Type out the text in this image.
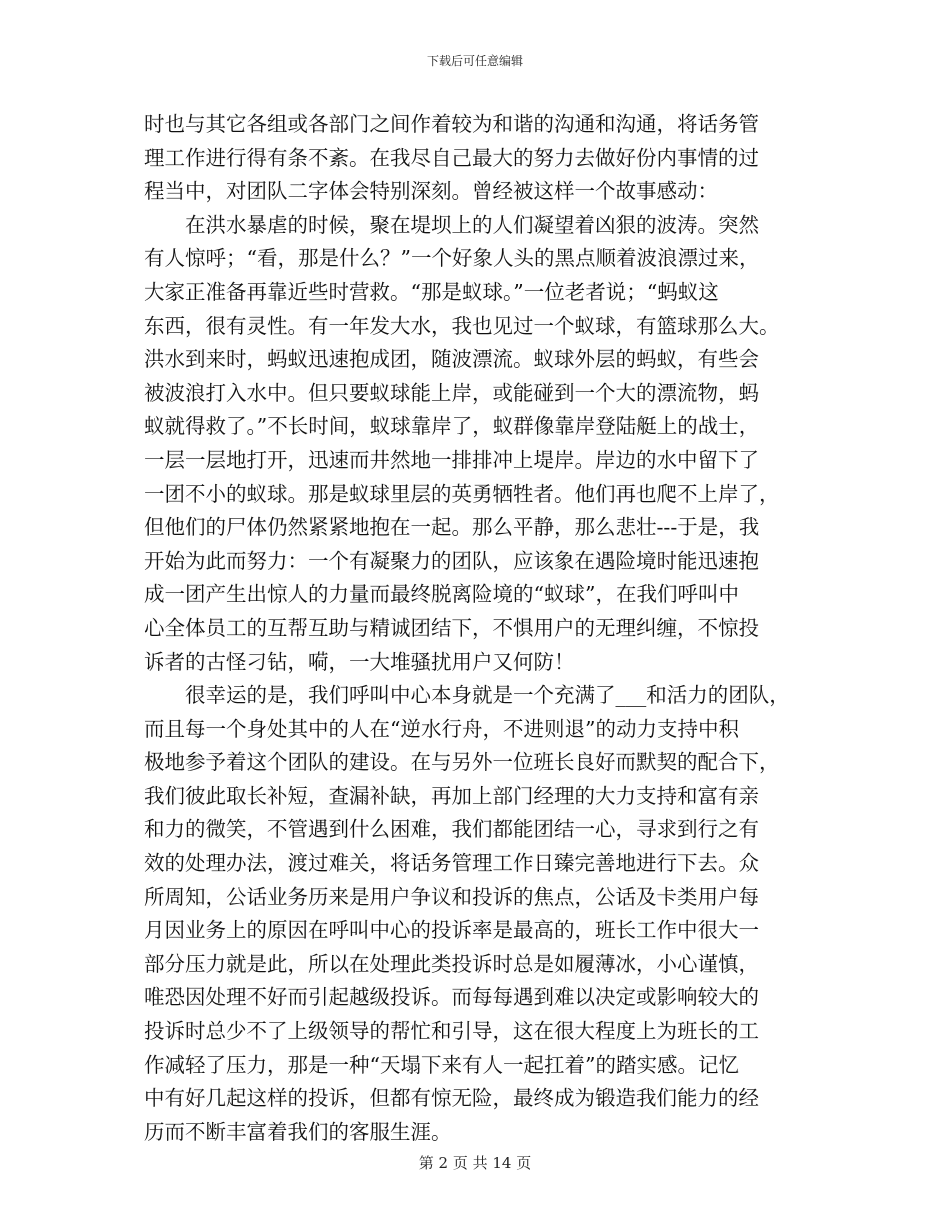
下载后可任意编辑
时也与其它各组或各部门之间作着较为和谐的沟通和沟通，将话务管
理工作进行得有条不紊。在我尽自己最大的努力去做好份内事情的过
程当中，对团队二字体会特别深刻。曾经被这样一个故事感动：
　　在洪水暴虐的时候，聚在堤坝上的人们凝望着凶狠的波涛。突然
有人惊呼；“看，那是什么？”一个好象人头的黑点顺着波浪漂过来，
大家正准备再靠近些时营救。“那是蚁球。”一位老者说；“蚂蚁这
东西，很有灵性。有一年发大水，我也见过一个蚁球，有篮球那么大。
洪水到来时，蚂蚁迅速抱成团，随波漂流。蚁球外层的蚂蚁，有些会
被波浪打入水中。但只要蚁球能上岸，或能碰到一个大的漂流物，蚂
蚁就得救了。”不长时间，蚁球靠岸了，蚁群像靠岸登陆艇上的战士，
一层一层地打开，迅速而井然地一排排冲上堤岸。岸边的水中留下了
一团不小的蚁球。那是蚁球里层的英勇牺牲者。他们再也爬不上岸了，
但他们的尸体仍然紧紧地抱在一起。那么平静，那么悲壮---于是，我
开始为此而努力：一个有凝聚力的团队，应该象在遇险境时能迅速抱
成一团产生出惊人的力量而最终脱离险境的“蚁球”，在我们呼叫中
心全体员工的互帮互助与精诚团结下，不惧用户的无理纠缠，不惊投
诉者的古怪刁钻，嗬，一大堆骚扰用户又何防！
　　很幸运的是，我们呼叫中心本身就是一个充满了___和活力的团队，
而且每一个身处其中的人在“逆水行舟，不进则退”的动力支持中积
极地参予着这个团队的建设。在与另外一位班长良好而默契的配合下，
我们彼此取长补短，查漏补缺，再加上部门经理的大力支持和富有亲
和力的微笑，不管遇到什么困难，我们都能团结一心，寻求到行之有
效的处理办法，渡过难关，将话务管理工作日臻完善地进行下去。众
所周知，公话业务历来是用户争议和投诉的焦点，公话及卡类用户每
月因业务上的原因在呼叫中心的投诉率是最高的，班长工作中很大一
部分压力就是此，所以在处理此类投诉时总是如履薄冰，小心谨慎，
唯恐因处理不好而引起越级投诉。而每每遇到难以决定或影响较大的
投诉时总少不了上级领导的帮忙和引导，这在很大程度上为班长的工
作减轻了压力，那是一种“天塌下来有人一起扛着”的踏实感。记忆
中有好几起这样的投诉，但都有惊无险，最终成为锻造我们能力的经
历而不断丰富着我们的客服生涯。
第 2 页 共 14 页
